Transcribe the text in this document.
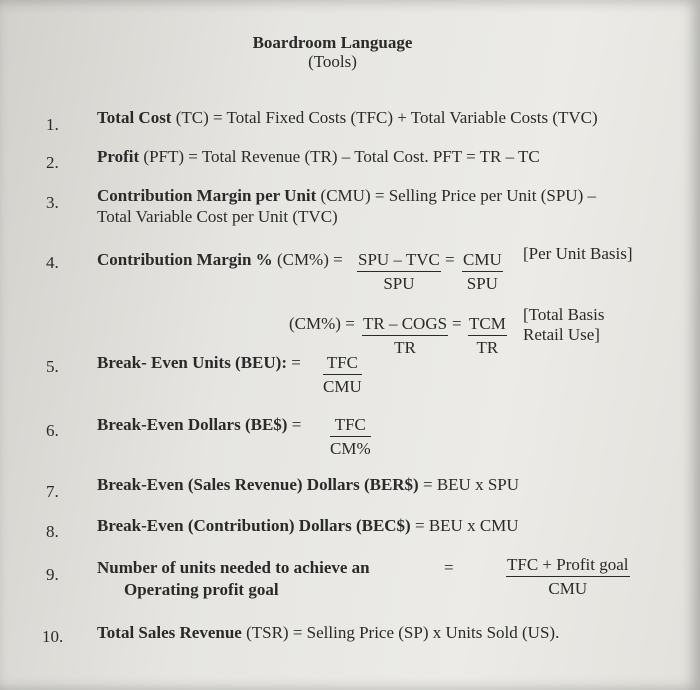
Boardroom Language
(Tools)
1. Total Cost (TC) = Total Fixed Costs (TFC) + Total Variable Costs (TVC)
2. Profit (PFT) = Total Revenue (TR) – Total Cost. PFT = TR – TC
3. Contribution Margin per Unit (CMU) = Selling Price per Unit (SPU) –
Total Variable Cost per Unit (TVC)
4. Contribution Margin % (CM%) = SPU – TVC
SPU
= CMU
SPU
[Per Unit Basis]
(CM%) = TR – COGS
TR
= TCM
TR
[Total Basis
Retail Use]
5. Break- Even Units (BEU): = TFC
CMU
6. Break-Even Dollars (BE$) = TFC
CM%
7. Break-Even (Sales Revenue) Dollars (BER$) = BEU x SPU
8. Break-Even (Contribution) Dollars (BEC$) = BEU x CMU
9. Number of units needed to achieve an
Operating profit goal
=	TFC + Profit goal
CMU
10. Total Sales Revenue (TSR) = Selling Price (SP) x Units Sold (US).
